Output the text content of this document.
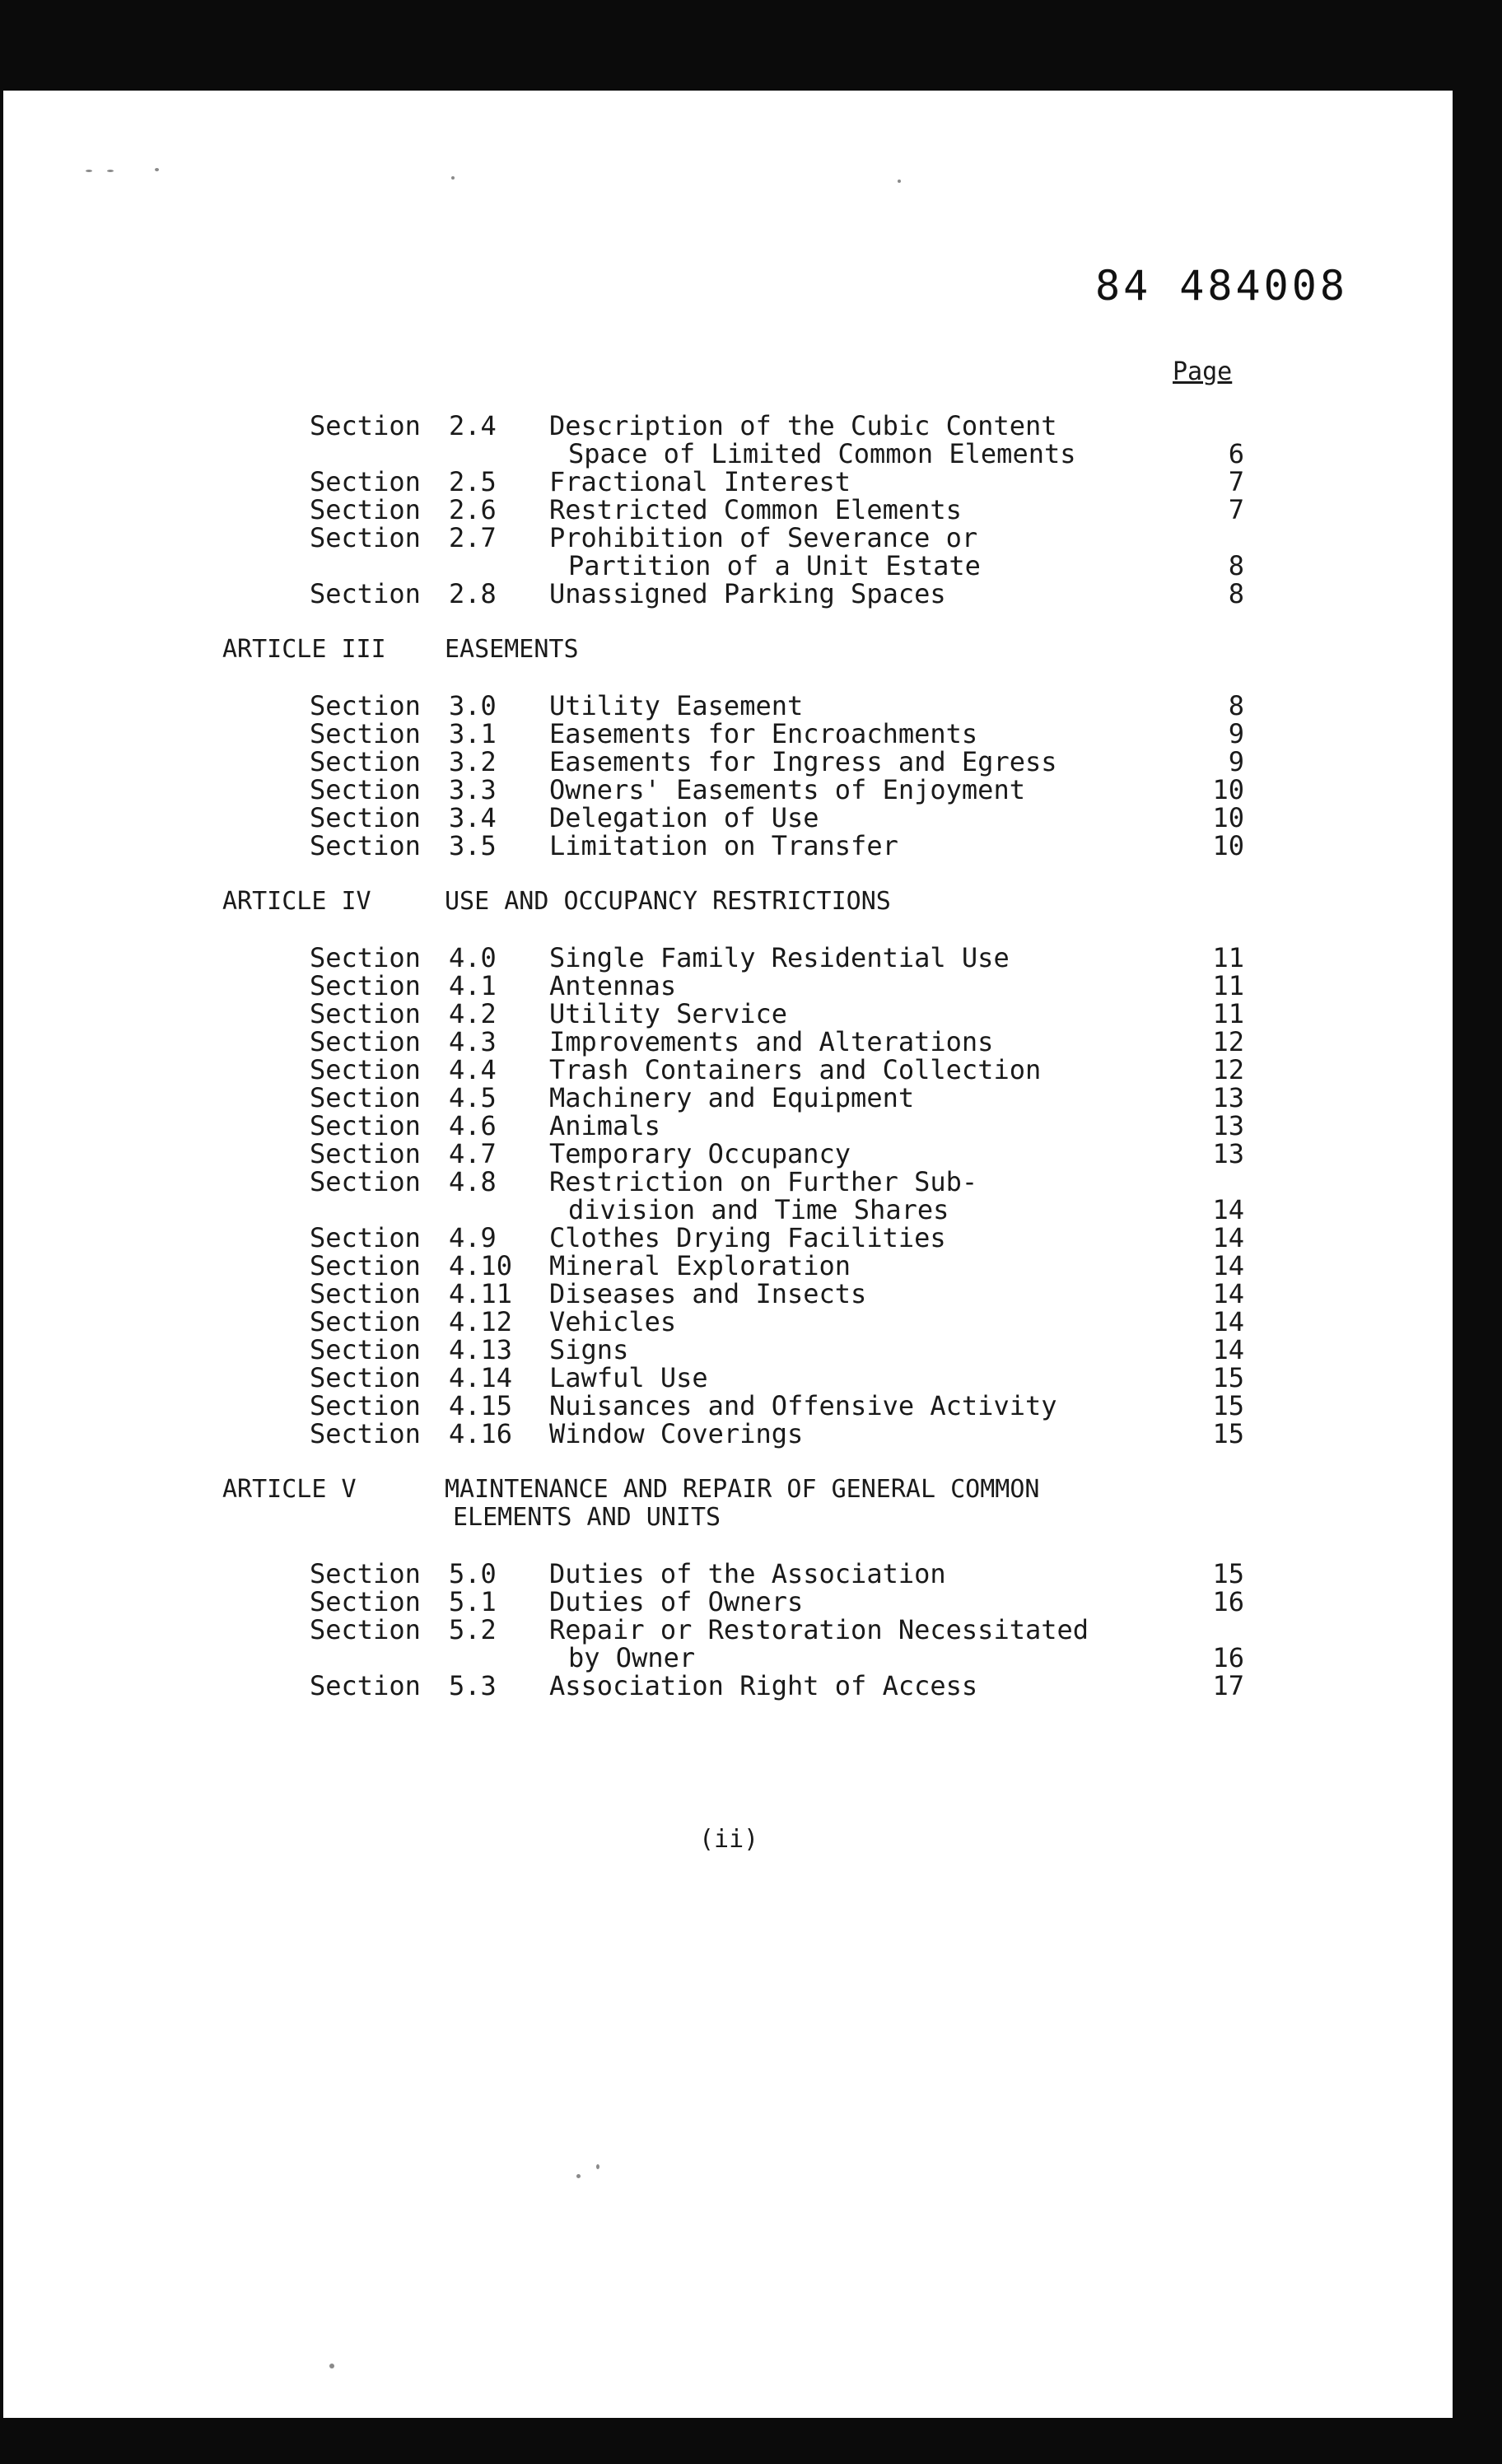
84 484008
Page
Section 2.4 Description of the Cubic Content
Space of Limited Common Elements	6
Section 2.5 Fractional Interest	7
Section 2.6 Restricted Common Elements	7
Section 2.7 Prohibition of Severance or
Partition of a Unit Estate	8
Section 2.8 Unassigned Parking Spaces	8
ARTICLE III EASEMENTS
Section 3.0 Utility Easement	8
Section 3.1 Easements for Encroachments	9
Section 3.2 Easements for Ingress and Egress	9
Section 3.3 Owners' Easements of Enjoyment	10
Section 3.4 Delegation of Use	10
Section 3.5 Limitation on Transfer	10
ARTICLE IV	USE AND OCCUPANCY RESTRICTIONS
Section 4.0 Single Family Residential Use	11
Section 4.1 Antennas	11
Section 4.2 Utility Service	11
Section 4.3 Improvements and Alterations	12
Section 4.4 Trash Containers and Collection	12
Section 4.5 Machinery and Equipment	13
Section 4.6 Animals	13
Section 4.7 Temporary Occupancy	13
Section 4.8 Restriction on Further Sub-
division and Time Shares	14
Section 4.9 Clothes Drying Facilities	14
Section 4.10 Mineral Exploration	14
Section 4.11 Diseases and Insects	14
Section 4.12 Vehicles	14
Section 4.13 Signs	14
Section 4.14 Lawful Use	15
Section 4.15 Nuisances and Offensive Activity	15
Section 4.16 Window Coverings	15
ARTICLE V	MAINTENANCE AND REPAIR OF GENERAL COMMON
ELEMENTS AND UNITS
Section 5.0 Duties of the Association	15
Section 5.1 Duties of Owners	16
Section 5.2 Repair or Restoration Necessitated
by Owner	16
Section 5.3 Association Right of Access	17
(ii)
